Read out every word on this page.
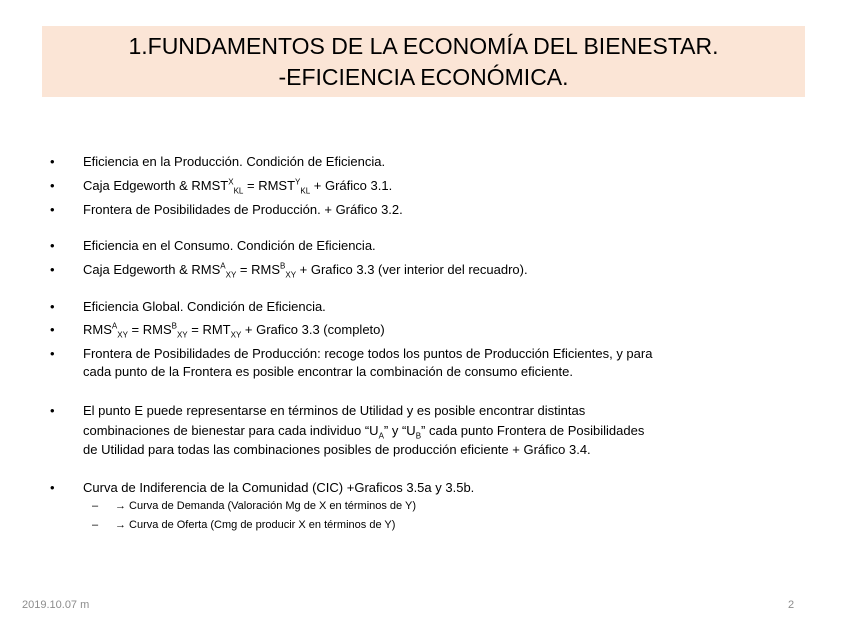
1.FUNDAMENTOS DE LA ECONOMÍA DEL BIENESTAR.
-EFICIENCIA ECONÓMICA.
• Eficiencia en la Producción. Condición de Eficiencia.
• Caja Edgeworth & $RMST^X_{KL}$ = $RMST^Y_{KL}$ + Gráfico 3.1.
• Frontera de Posibilidades de Producción. + Gráfico 3.2.
• Eficiencia en el Consumo. Condición de Eficiencia.
• Caja Edgeworth & $RMS^A_{XY} = RMS^B_{XY}$ + Grafico 3.3 (ver interior del recuadro).
• Eficiencia Global. Condición de Eficiencia.
• $RMS^A_{XY} = RMS^B_{XY} = RMT_{XY}$ + Grafico 3.3 (completo)
• Frontera de Posibilidades de Producción: recoge todos los puntos de Producción Eficientes, y para
cada punto de la Frontera es posible encontrar la combinación de consumo eficiente.
• El punto E puede representarse en términos de Utilidad y es posible encontrar distintas
combinaciones de bienestar para cada individuo “$U_A$” y “$U_B$” cada punto Frontera de Posibilidades
de Utilidad para todas las combinaciones posibles de producción eficiente + Gráfico 3.4.
• Curva de Indiferencia de la Comunidad (CIC) +Graficos 3.5a y 3.5b.
– → Curva de Demanda (Valoración Mg de X en términos de Y)
– → Curva de Oferta (Cmg de producir X en términos de Y)
2019.10.07 m	2
